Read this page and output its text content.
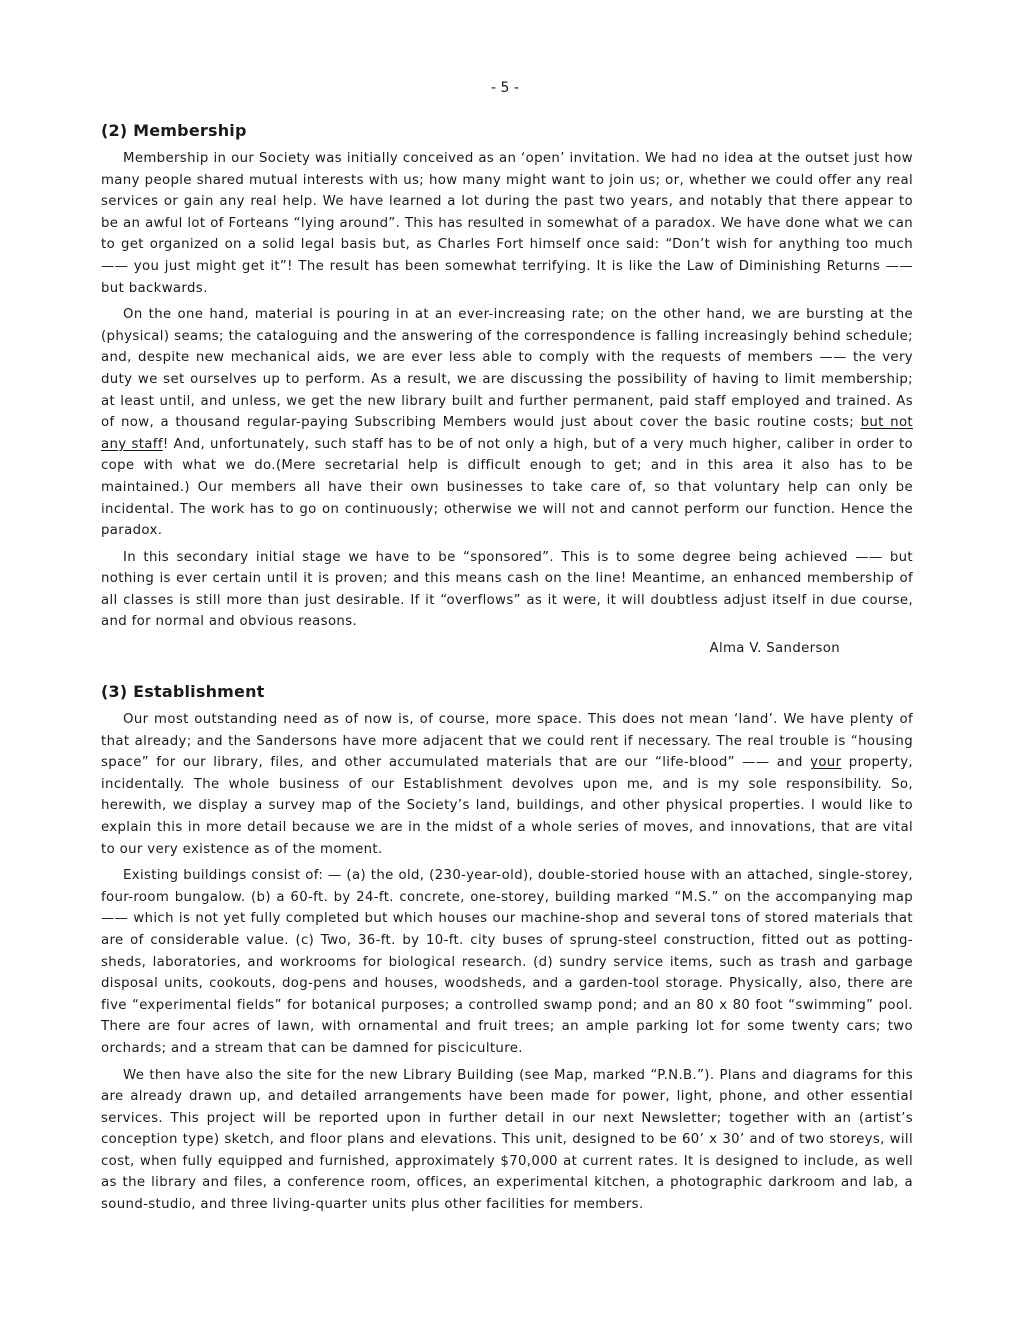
- 5 -
(2) Membership

Membership in our Society was initially conceived as an ‘open’ invitation. We had no idea at the outset just how many people shared mutual interests with us; how many might want to join us; or, whether we could offer any real services or gain any real help. We have learned a lot during the past two years, and notably that there appear to be an awful lot of Forteans “lying around”. This has resulted in somewhat of a paradox. We have done what we can to get organized on a solid legal basis but, as Charles Fort himself once said: “Don’t wish for anything too much —— you just might get it”! The result has been somewhat terrifying. It is like the Law of Diminishing Returns —— but backwards.

On the one hand, material is pouring in at an ever-increasing rate; on the other hand, we are bursting at the (physical) seams; the cataloguing and the answering of the correspondence is falling increasingly behind schedule; and, despite new mechanical aids, we are ever less able to comply with the requests of members —— the very duty we set ourselves up to perform. As a result, we are discussing the possibility of having to limit membership; at least until, and unless, we get the new library built and further permanent, paid staff employed and trained. As of now, a thousand regular-paying Subscribing Members would just about cover the basic routine costs; but not any staff! And, unfortunately, such staff has to be of not only a high, but of a very much higher, caliber in order to cope with what we do.(Mere secretarial help is difficult enough to get; and in this area it also has to be maintained.) Our members all have their own businesses to take care of, so that voluntary help can only be incidental. The work has to go on continuously; otherwise we will not and cannot perform our function. Hence the paradox.

In this secondary initial stage we have to be “sponsored”. This is to some degree being achieved —— but nothing is ever certain until it is proven; and this means cash on the line! Meantime, an enhanced membership of all classes is still more than just desirable. If it “overflows” as it were, it will doubtless adjust itself in due course, and for normal and obvious reasons.

Alma V. Sanderson
(3) Establishment

Our most outstanding need as of now is, of course, more space. This does not mean ‘land’. We have plenty of that already; and the Sandersons have more adjacent that we could rent if necessary. The real trouble is “housing space” for our library, files, and other accumulated materials that are our “life-blood” —— and your property, incidentally. The whole business of our Establishment devolves upon me, and is my sole responsibility. So, herewith, we display a survey map of the Society’s land, buildings, and other physical properties. I would like to explain this in more detail because we are in the midst of a whole series of moves, and innovations, that are vital to our very existence as of the moment.

Existing buildings consist of: — (a) the old, (230-year-old), double-storied house with an attached, single-storey, four-room bungalow. (b) a 60-ft. by 24-ft. concrete, one-storey, building marked “M.S.” on the accompanying map —— which is not yet fully completed but which houses our machine-shop and several tons of stored materials that are of considerable value. (c) Two, 36-ft. by 10-ft. city buses of sprung-steel construction, fitted out as potting-sheds, laboratories, and workrooms for biological research. (d) sundry service items, such as trash and garbage disposal units, cookouts, dog-pens and houses, woodsheds, and a garden-tool storage. Physically, also, there are five “experimental fields” for botanical purposes; a controlled swamp pond; and an 80 x 80 foot “swimming” pool. There are four acres of lawn, with ornamental and fruit trees; an ample parking lot for some twenty cars; two orchards; and a stream that can be damned for pisciculture.

We then have also the site for the new Library Building (see Map, marked “P.N.B.”). Plans and diagrams for this are already drawn up, and detailed arrangements have been made for power, light, phone, and other essential services. This project will be reported upon in further detail in our next Newsletter; together with an (artist’s conception type) sketch, and floor plans and elevations. This unit, designed to be 60’ x 30’ and of two storeys, will cost, when fully equipped and furnished, approximately $70,000 at current rates. It is designed to include, as well as the library and files, a conference room, offices, an experimental kitchen, a photographic darkroom and lab, a sound-studio, and three living-quarter units plus other facilities for members.
